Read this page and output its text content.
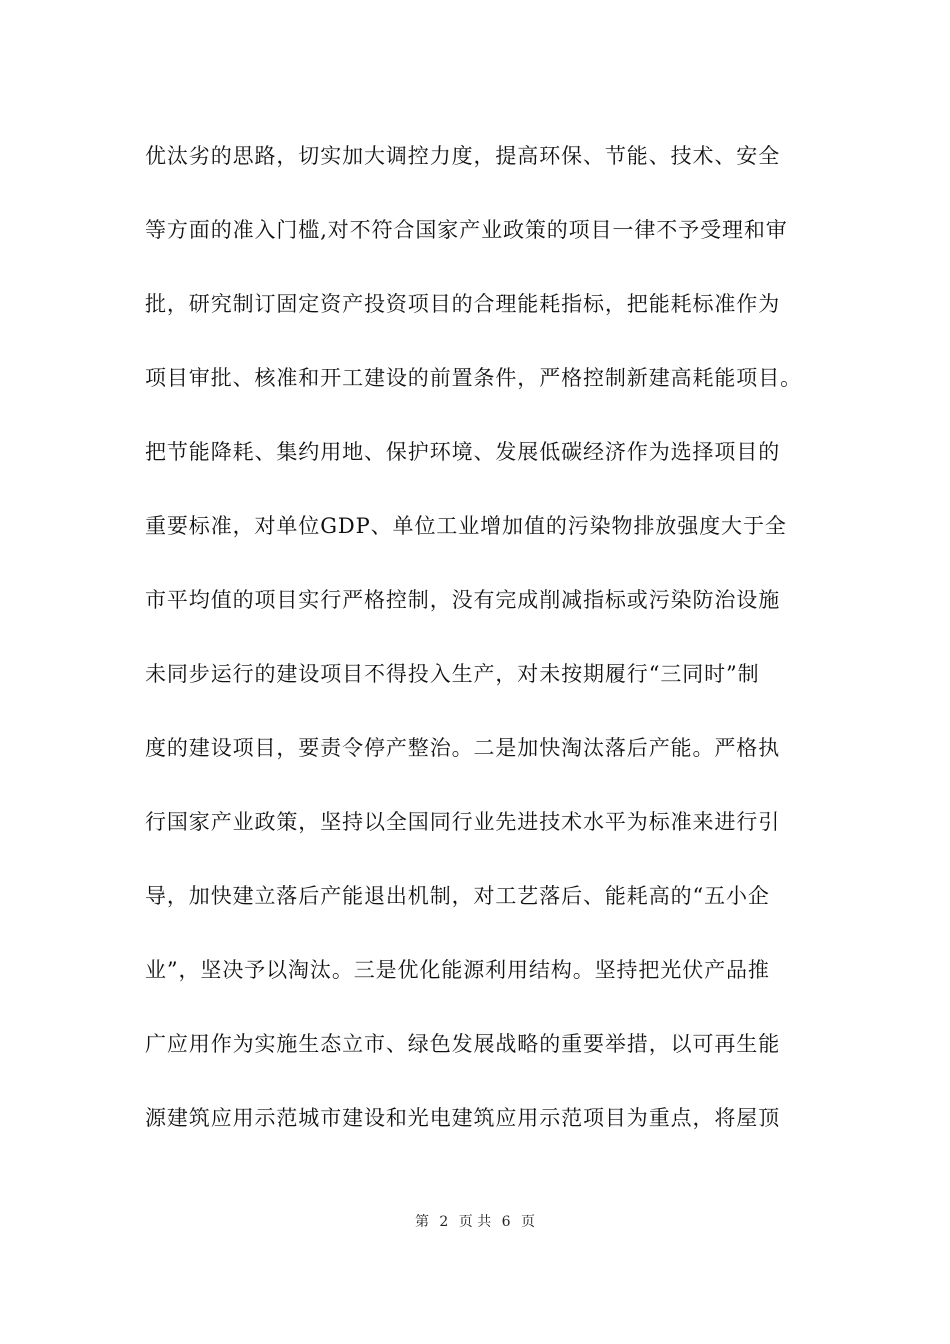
优汰劣的思路，切实加大调控力度，提高环保、节能、技术、安全
等方面的准入门槛,对不符合国家产业政策的项目一律不予受理和审
批，研究制订固定资产投资项目的合理能耗指标，把能耗标准作为
项目审批、核准和开工建设的前置条件，严格控制新建高耗能项目。
把节能降耗、集约用地、保护环境、发展低碳经济作为选择项目的
重要标准，对单位GDP、单位工业增加值的污染物排放强度大于全
市平均值的项目实行严格控制，没有完成削减指标或污染防治设施
未同步运行的建设项目不得投入生产，对未按期履行“三同时”制
度的建设项目，要责令停产整治。二是加快淘汰落后产能。严格执
行国家产业政策，坚持以全国同行业先进技术水平为标准来进行引
导，加快建立落后产能退出机制，对工艺落后、能耗高的“五小企
业”，坚决予以淘汰。三是优化能源利用结构。坚持把光伏产品推
广应用作为实施生态立市、绿色发展战略的重要举措，以可再生能
源建筑应用示范城市建设和光电建筑应用示范项目为重点，将屋顶
第 2 页 共 6 页
